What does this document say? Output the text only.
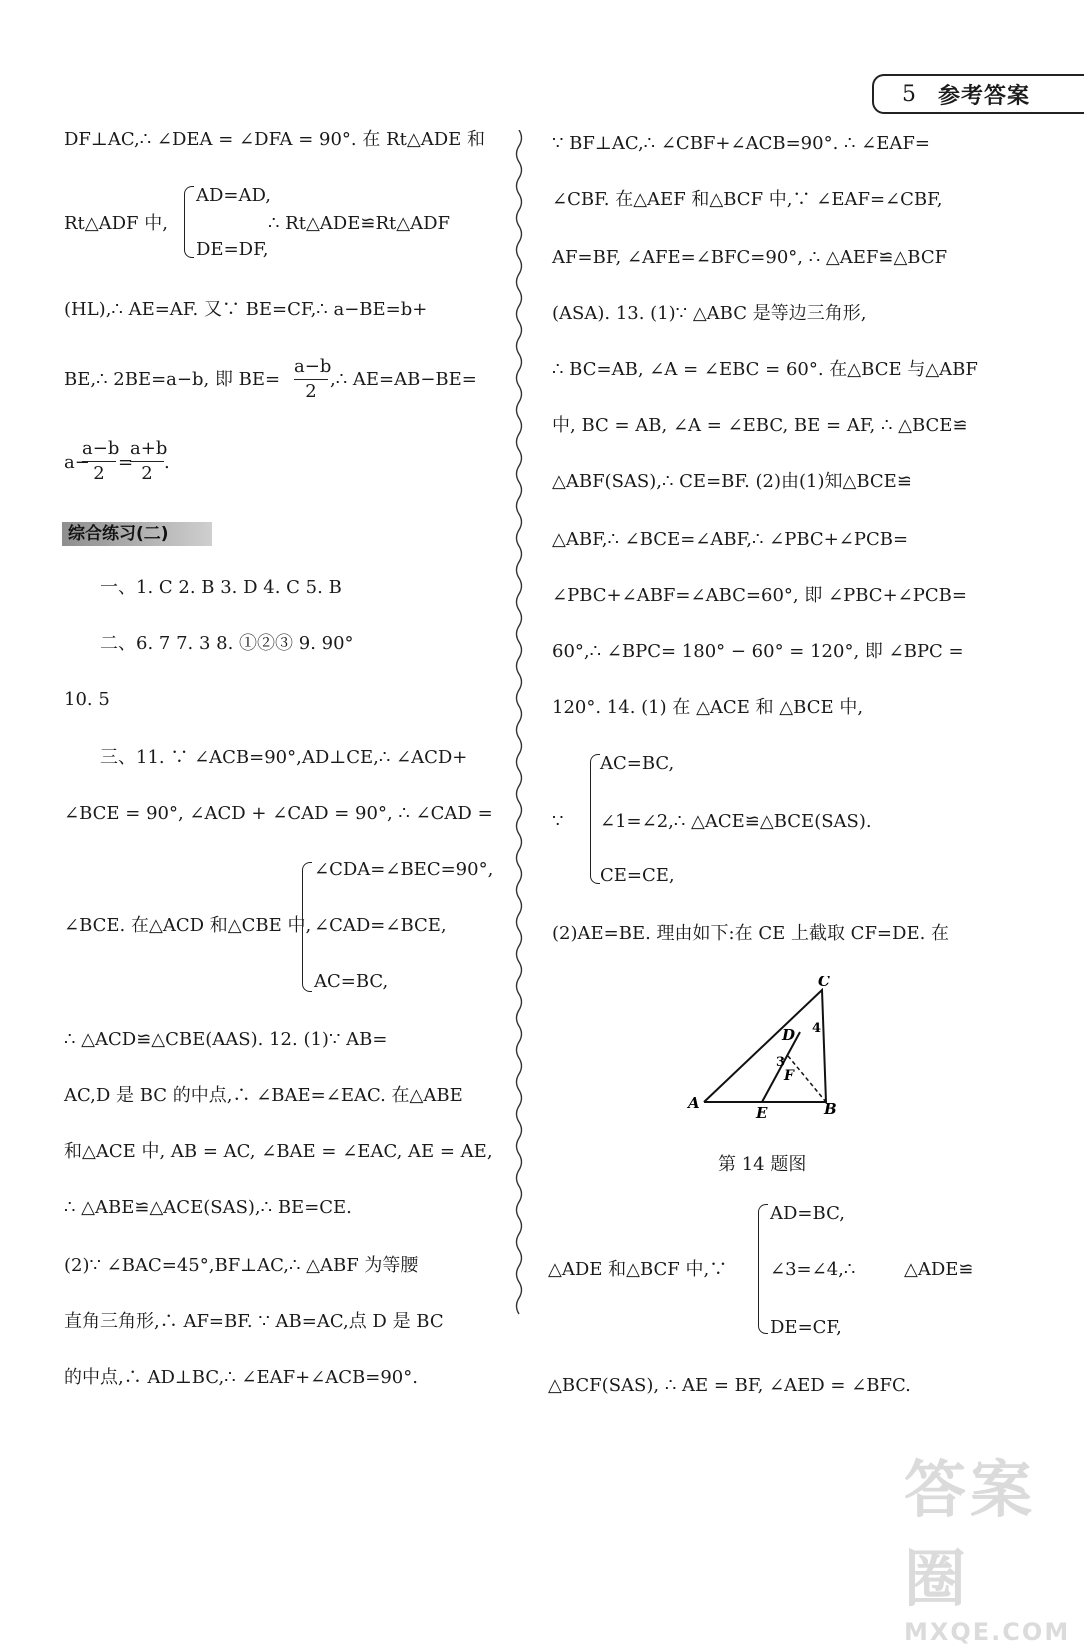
5 参考答案
DF⊥AC,∴ ∠DEA = ∠DFA = 90°. 在 Rt△ADE 和
Rt△ADF 中,
AD=AD,
DE=DF,
∴ Rt△ADE≌Rt△ADF
(HL),∴ AE=AF. 又∵ BE=CF,∴ a−BE=b+
BE,∴ 2BE=a−b, 即 BE=
a−b
2
,∴ AE=AB−BE=
a−
a−b
2
=
a+b
2
.
综合练习(二)
一、1. C 2. B 3. D 4. C 5. B
二、6. 7 7. 3 8. ①②③ 9. 90°
10. 5
三、11. ∵ ∠ACB=90°,AD⊥CE,∴ ∠ACD+
∠BCE = 90°, ∠ACD + ∠CAD = 90°, ∴ ∠CAD =
∠BCE. 在△ACD 和△CBE 中,
∠CDA=∠BEC=90°,
∠CAD=∠BCE,
AC=BC,
∴ △ACD≌△CBE(AAS). 12. (1)∵ AB=
AC,D 是 BC 的中点,∴ ∠BAE=∠EAC. 在△ABE
和△ACE 中, AB = AC, ∠BAE = ∠EAC, AE = AE,
∴ △ABE≌△ACE(SAS),∴ BE=CE.
(2)∵ ∠BAC=45°,BF⊥AC,∴ △ABF 为等腰
直角三角形,∴ AF=BF. ∵ AB=AC,点 D 是 BC
的中点,∴ AD⊥BC,∴ ∠EAF+∠ACB=90°.
∵ BF⊥AC,∴ ∠CBF+∠ACB=90°. ∴ ∠EAF=
∠CBF. 在△AEF 和△BCF 中,∵ ∠EAF=∠CBF,
AF=BF, ∠AFE=∠BFC=90°, ∴ △AEF≌△BCF
(ASA). 13. (1)∵ △ABC 是等边三角形,
∴ BC=AB, ∠A = ∠EBC = 60°. 在△BCE 与△ABF
中, BC = AB, ∠A = ∠EBC, BE = AF, ∴ △BCE≌
△ABF(SAS),∴ CE=BF. (2)由(1)知△BCE≌
△ABF,∴ ∠BCE=∠ABF,∴ ∠PBC+∠PCB=
∠PBC+∠ABF=∠ABC=60°, 即 ∠PBC+∠PCB=
60°,∴ ∠BPC= 180° − 60° = 120°, 即 ∠BPC =
120°. 14. (1) 在 △ACE 和 △BCE 中,
∵
AC=BC,
∠1=∠2,∴ △ACE≌△BCE(SAS).
CE=CE,
(2)AE=BE. 理由如下:在 CE 上截取 CF=DE. 在
C
D
A
E	B
F
3
4
第 14 题图
△ADE 和△BCF 中,∵
AD=BC,
∠3=∠4,∴
DE=CF,
△ADE≌
△BCF(SAS), ∴ AE = BF, ∠AED = ∠BFC.
答案圈
MXQE.COM
